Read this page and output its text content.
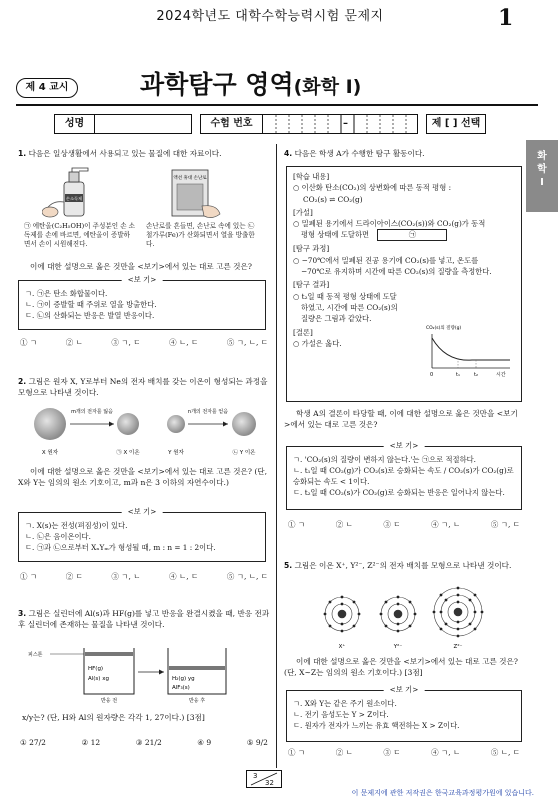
2024학년도 대학수학능력시험 문제지	1
제 4 교시	과학탐구 영역(화학 I)
성명	수험 번호	–	제 [ ] 선택
화
학
I
1. 다음은 일상생활에서 사용되고 있는 물질에 대한 자료이다.
손소독제
액션 휴대 손난로
㉠ 에탄올(C₂H₅OH)이 주성분인 손 소독제를 손에 바르면, 에탄올이 증발하면서 손이 시원해진다.
손난로를 흔들면, 손난로 속에 있는 ㉡ 철가루(Fe)가 산화되면서 열을 방출한다.
이에 대한 설명으로 옳은 것만을 <보기>에서 있는 대로 고른 것은?
<보 기>
ㄱ. ㉠은 탄소 화합물이다.
ㄴ. ㉠이 증발할 때 주위로 열을 방출한다.
ㄷ. ㉡의 산화되는 반응은 발열 반응이다.
① ㄱ	② ㄴ	③ ㄱ, ㄷ	④ ㄴ, ㄷ	⑤ ㄱ, ㄴ, ㄷ
2. 그림은 원자 X, Y로부터 Ne의 전자 배치를 갖는 이온이 형성되는 과정을 모형으로 나타낸 것이다.
m개의 전자를 잃음	n개의 전자를 얻음
X 원자	㉠ X 이온	Y 원자	㉡ Y 이온
이에 대한 설명으로 옳은 것만을 <보기>에서 있는 대로 고른 것은? (단, X와 Y는 임의의 원소 기호이고, m과 n은 3 이하의 자연수이다.)
<보 기>
ㄱ. X(s)는 전성(펴짐성)이 있다.
ㄴ. ㉡은 음이온이다.
ㄷ. ㉠과 ㉡으로부터 XₙYₘ가 형성될 때, m : n = 1 : 2이다.
① ㄱ	② ㄷ	③ ㄱ, ㄴ	④ ㄴ, ㄷ	⑤ ㄱ, ㄴ, ㄷ
3. 그림은 실린더에 Al(s)과 HF(g)를 넣고 반응을 완결시켰을 때, 반응 전과 후 실린더에 존재하는 물질을 나타낸 것이다.
피스톤
HF(g)
Al(s) xg
반응 전
H₂(g) yg
AlF₃(s)
반응 후
x/y는? (단, H와 Al의 원자량은 각각 1, 27이다.) [3점]
① 27/2	② 12	③ 21/2	④ 9	⑤ 9/2
4. 다음은 학생 A가 수행한 탐구 활동이다.

[학습 내용]

○ 이산화 탄소(CO₂)의 상변화에 따른 동적 평형 :

CO₂(s) ⇌ CO₂(g)

[가설]

○ 밀폐된 용기에서 드라이아이스(CO₂(s))와 CO₂(g)가 동적

평형 상태에 도달하면	㉠

[탐구 과정]

○ −70℃에서 밀폐된 진공 용기에 CO₂(s)를 넣고, 온도를

−70℃로 유지하며 시간에 따른 CO₂(s)의 질량을 측정한다.

[탐구 결과]

○ t₂일 때 동적 평형 상태에 도달

하였고, 시간에 따른 CO₂(s)의

질량은 그림과 같았다.

[결론]

○ 가설은 옳다.

CO₂(s)의 질량(g)
0	t₁	t₂	시간
학생 A의 결론이 타당할 때, 이에 대한 설명으로 옳은 것만을 <보기>에서 있는 대로 고른 것은?
<보 기>
ㄱ. 'CO₂(s)의 질량이 변하지 않는다.'는 ㉠으로 적절하다.
ㄴ. t₁일 때 CO₂(g)가 CO₂(s)로 승화되는 속도 / CO₂(s)가 CO₂(g)로 승화되는 속도 < 1이다.
ㄷ. t₂일 때 CO₂(s)가 CO₂(g)로 승화되는 반응은 일어나지 않는다.
① ㄱ	② ㄴ	③ ㄷ	④ ㄱ, ㄴ	⑤ ㄱ, ㄷ
5. 그림은 이온 X⁺, Y²⁻, Z²⁻의 전자 배치를 모형으로 나타낸 것이다.
X⁺	Y²⁻	Z²⁻
이에 대한 설명으로 옳은 것만을 <보기>에서 있는 대로 고른 것은? (단, X~Z는 임의의 원소 기호이다.) [3점]
<보 기>
ㄱ. X와 Y는 같은 주기 원소이다.
ㄴ. 전기 음성도는 Y > Z이다.
ㄷ. 원자가 전자가 느끼는 유효 핵전하는 X > Z이다.
① ㄱ	② ㄴ	③ ㄷ	④ ㄱ, ㄴ	⑤ ㄴ, ㄷ
3
32
이 문제지에 관한 저작권은 한국교육과정평가원에 있습니다.
